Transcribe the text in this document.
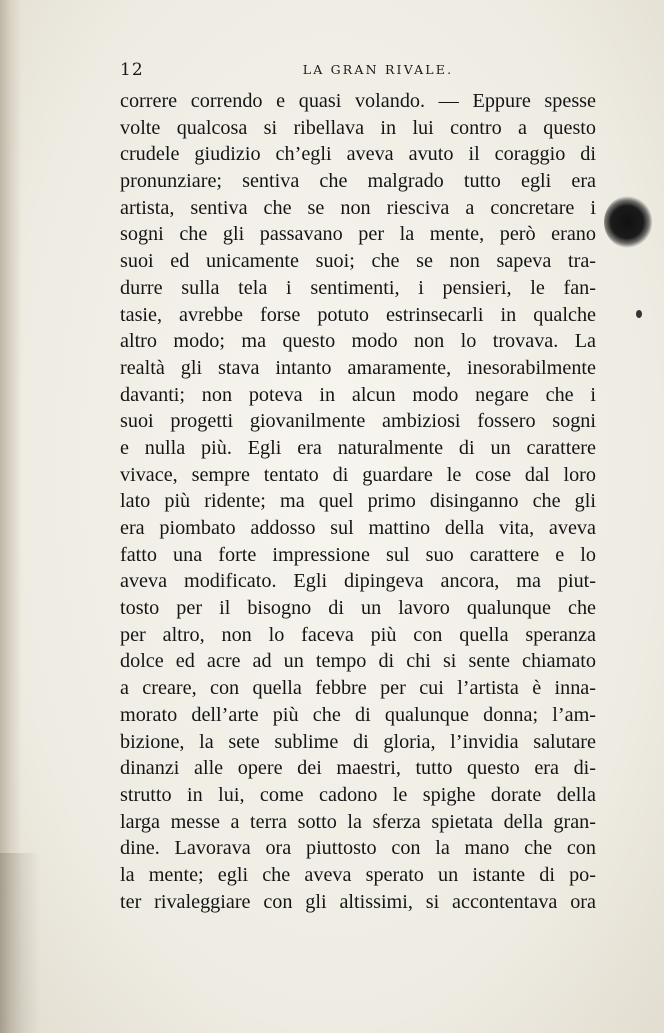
12	LA GRAN RIVALE.
correre correndo e quasi volando. — Eppure spesse
volte qualcosa si ribellava in lui contro a questo
crudele giudizio ch’egli aveva avuto il coraggio di
pronunziare; sentiva che malgrado tutto egli era
artista, sentiva che se non riesciva a concretare i
sogni che gli passavano per la mente, però erano
suoi ed unicamente suoi; che se non sapeva tra-
durre sulla tela i sentimenti, i pensieri, le fan-
tasie, avrebbe forse potuto estrinsecarli in qualche
altro modo; ma questo modo non lo trovava. La
realtà gli stava intanto amaramente, inesorabilmente
davanti; non poteva in alcun modo negare che i
suoi progetti giovanilmente ambiziosi fossero sogni
e nulla più. Egli era naturalmente di un carattere
vivace, sempre tentato di guardare le cose dal loro
lato più ridente; ma quel primo disinganno che gli
era piombato addosso sul mattino della vita, aveva
fatto una forte impressione sul suo carattere e lo
aveva modificato. Egli dipingeva ancora, ma piut-
tosto per il bisogno di un lavoro qualunque che
per altro, non lo faceva più con quella speranza
dolce ed acre ad un tempo di chi si sente chiamato
a creare, con quella febbre per cui l’artista è inna-
morato dell’arte più che di qualunque donna; l’am-
bizione, la sete sublime di gloria, l’invidia salutare
dinanzi alle opere dei maestri, tutto questo era di-
strutto in lui, come cadono le spighe dorate della
larga messe a terra sotto la sferza spietata della gran-
dine. Lavorava ora piuttosto con la mano che con
la mente; egli che aveva sperato un istante di po-
ter rivaleggiare con gli altissimi, si accontentava ora
